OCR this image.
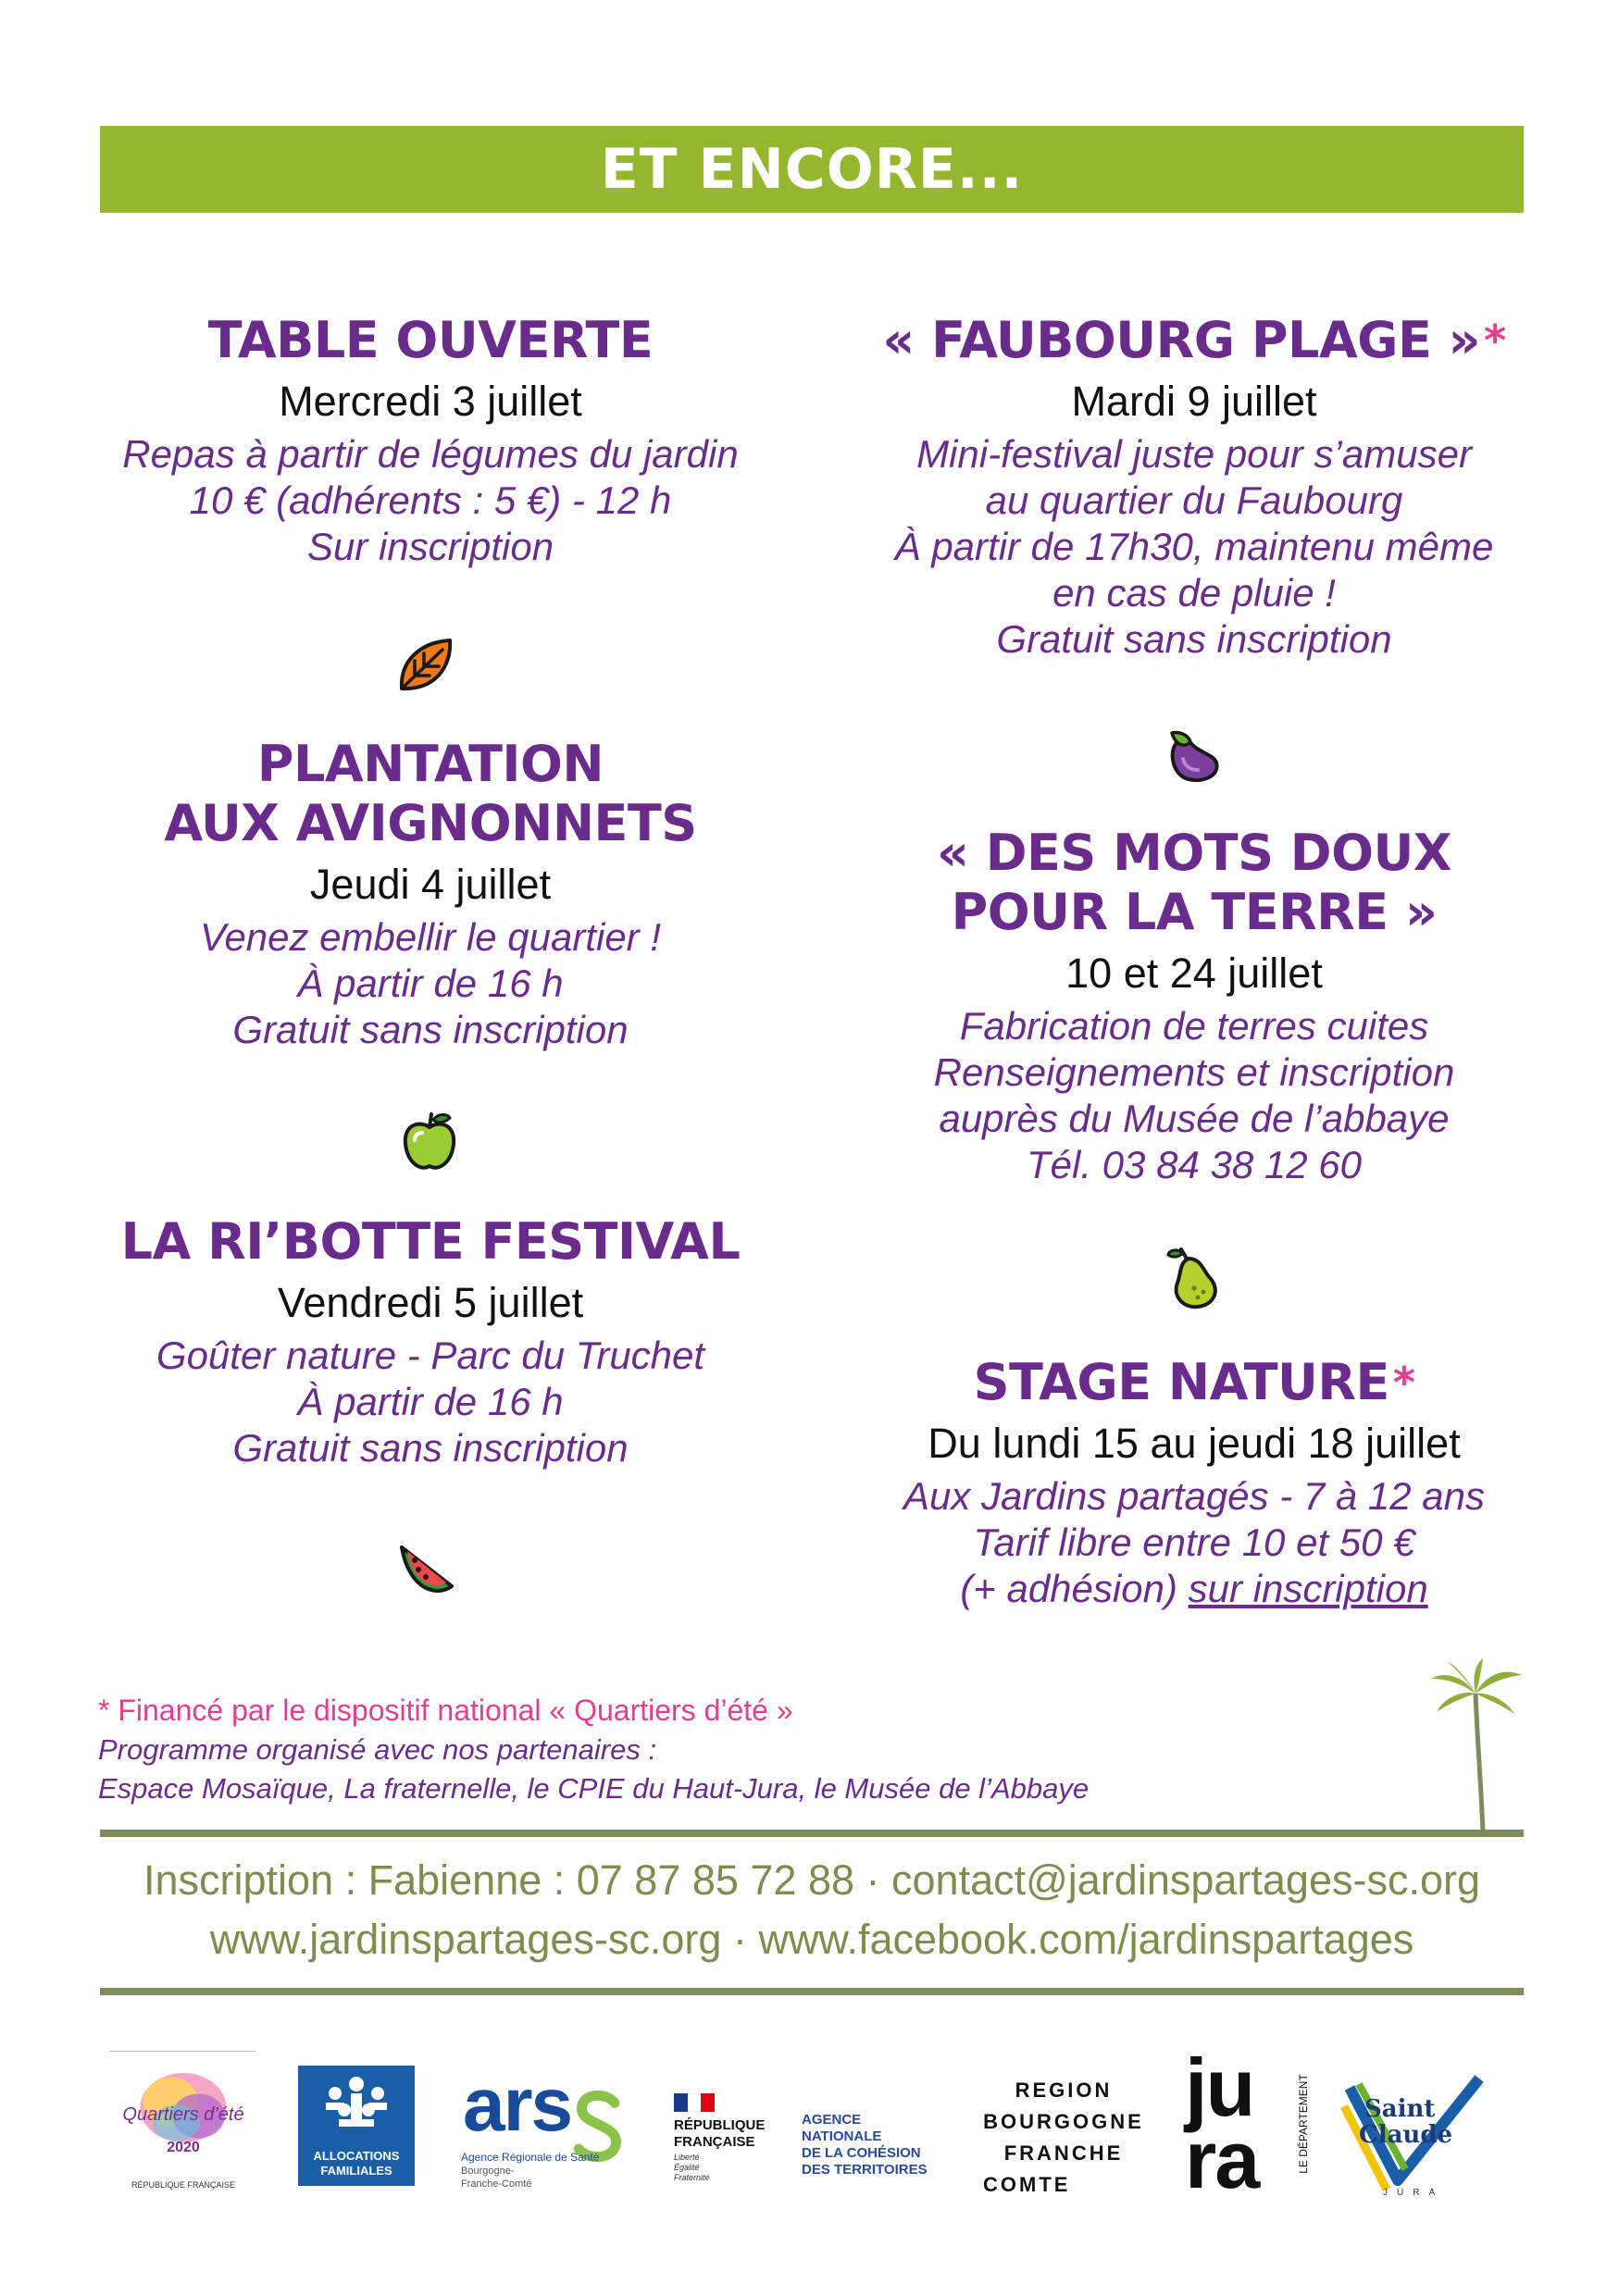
ET ENCORE...
TABLE OUVERTE
Mercredi 3 juillet
Repas à partir de légumes du jardin
10 € (adhérents : 5 €) - 12 h
Sur inscription
PLANTATION
AUX AVIGNONNETS
Jeudi 4 juillet
Venez embellir le quartier !
À partir de 16 h
Gratuit sans inscription
LA RI’BOTTE FESTIVAL
Vendredi 5 juillet
Goûter nature - Parc du Truchet
À partir de 16 h
Gratuit sans inscription
« FAUBOURG PLAGE »*
Mardi 9 juillet
Mini-festival juste pour s’amuser
au quartier du Faubourg
À partir de 17h30, maintenu même
en cas de pluie !
Gratuit sans inscription
« DES MOTS DOUX
POUR LA TERRE »
10 et 24 juillet
Fabrication de terres cuites
Renseignements et inscription
auprès du Musée de l’abbaye
Tél. 03 84 38 12 60
STAGE NATURE*
Du lundi 15 au jeudi 18 juillet
Aux Jardins partagés - 7 à 12 ans
Tarif libre entre 10 et 50 €
(+ adhésion) sur inscription
* Financé par le dispositif national « Quartiers d’été »
Programme organisé avec nos partenaires :
Espace Mosaïque, La fraternelle, le CPIE du Haut-Jura, le Musée de l’Abbaye
Inscription : Fabienne : 07 87 85 72 88 · contact@jardinspartages-sc.org
www.jardinspartages-sc.org · www.facebook.com/jardinspartages
Quartiers d’été
2020
RÉPUBLIQUE FRANÇAISE
ALLOCATIONS
FAMILIALES
ars
Agence Régionale de Santé
Bourgogne-
Franche-Comté
RÉPUBLIQUE
FRANÇAISE
Liberté
Égalité
Fraternité
AGENCE
NATIONALE
DE LA COHÉSION
DES TERRITOIRES
REGION
BOURGOGNE
FRANCHE
COMTE
ju
ra	LE DÉPARTEMENT Saint
Claude
JURA
